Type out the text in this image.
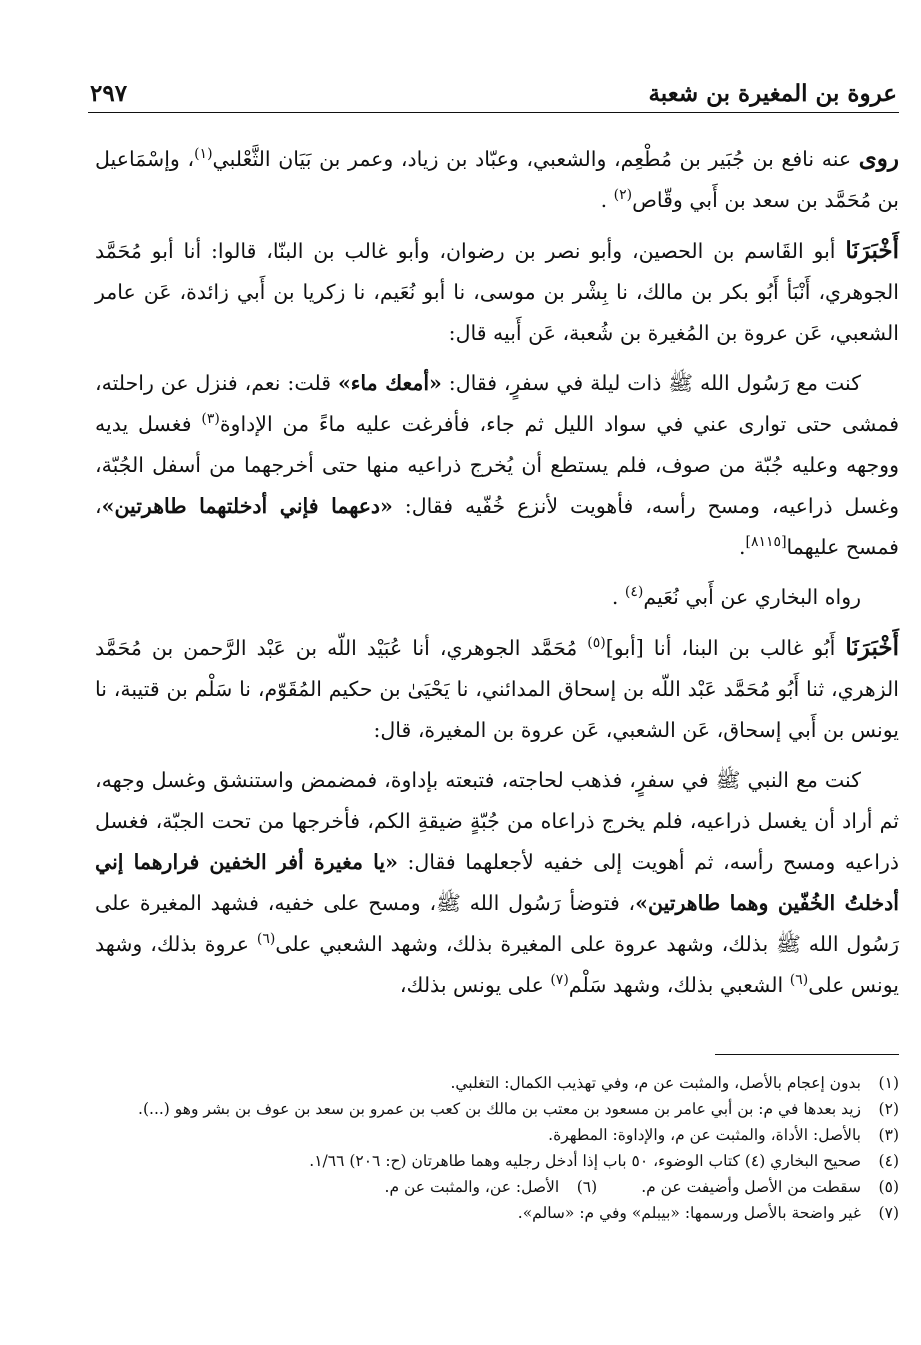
عروة بن المغيرة بن شعبة
٢٩٧

روى عنه نافع بن جُبَير بن مُطْعِم، والشعبي، وعبّاد بن زياد، وعمر بن بَيَان الثَّعْلبي$^{(١)}$، وإسْمَاعيل بن مُحَمَّد بن سعد بن أَبي وقّاص$^{(٢)}$ .

أَخْبَرَنَا أبو القَاسم بن الحصين، وأبو نصر بن رضوان، وأبو غالب بن البنّا، قالوا: أنا أبو مُحَمَّد الجوهري، أَنْبَأ أَبُو بكر بن مالك، نا بِشْر بن موسى، نا أبو نُعَيم، نا زكريا بن أَبي زائدة، عَن عامر الشعبي، عَن عروة بن المُغيرة بن شُعبة، عَن أَبيه قال:

كنت مع رَسُول الله ﷺ ذات ليلة في سفرٍ، فقال: «أمعك ماء» قلت: نعم، فنزل عن راحلته، فمشى حتى توارى عني في سواد الليل ثم جاء، فأفرغت عليه ماءً من الإداوة$^{(٣)}$ فغسل يديه ووجهه وعليه جُبّة من صوف، فلم يستطع أن يُخرج ذراعيه منها حتى أخرجهما من أسفل الجُبّة، وغسل ذراعيه، ومسح رأسه، فأهويت لأنزع خُفّيه فقال: «دعهما فإني أدخلتهما طاهرتين»، فمسح عليهما[٨١١٥].

رواه البخاري عن أَبي نُعَيم$^{(٤)}$ .

أَخْبَرَنَا أَبُو غالب بن البنا، أنا [أبو]$^{(٥)}$ مُحَمَّد الجوهري، أنا عُبَيْد اللّه بن عَبْد الرَّحمن بن مُحَمَّد الزهري، ثنا أَبُو مُحَمَّد عَبْد اللّه بن إسحاق المدائني، نا يَحْيَىٰ بن حكيم المُقَوّم، نا سَلْم بن قتيبة، نا يونس بن أَبي إسحاق، عَن الشعبي، عَن عروة بن المغيرة، قال:

كنت مع النبي ﷺ في سفرٍ، فذهب لحاجته، فتبعته بإداوة، فمضمض واستنشق وغسل وجهه، ثم أراد أن يغسل ذراعيه، فلم يخرج ذراعاه من جُبّةٍ ضيقةِ الكم، فأخرجها من تحت الجبّة، فغسل ذراعيه ومسح رأسه، ثم أهويت إلى خفيه لأجعلهما فقال: «يا مغيرة أفر الخفين فرارهما إني أدخلتُ الخُفّين وهما طاهرتين»، فتوضأ رَسُول الله ﷺ، ومسح على خفيه، فشهد المغيرة على رَسُول الله ﷺ بذلك، وشهد عروة على المغيرة بذلك، وشهد الشعبي على$^{(٦)}$ عروة بذلك، وشهد يونس على$^{(٦)}$ الشعبي بذلك، وشهد سَلْم$^{(٧)}$ على يونس بذلك،

(١)
بدون إعجام بالأصل، والمثبت عن م، وفي تهذيب الكمال: التغلبي.
(٢)
زيد بعدها في م: بن أبي عامر بن مسعود بن معتب بن مالك بن كعب بن عمرو بن سعد بن عوف بن بشر وهو (...).
(٣)
بالأصل: الأداة، والمثبت عن م، والإداوة: المطهرة.
(٤)
صحيح البخاري (٤) كتاب الوضوء، ٥٠ باب إذا أدخل رجليه وهما طاهرتان (ح: ٢٠٦) ١/٦٦.
(٥)
سقطت من الأصل وأضيفت عن م.
(٦)
الأصل: عن، والمثبت عن م.
(٧)
غير واضحة بالأصل ورسمها: «بيبلم» وفي م: «سالم».
